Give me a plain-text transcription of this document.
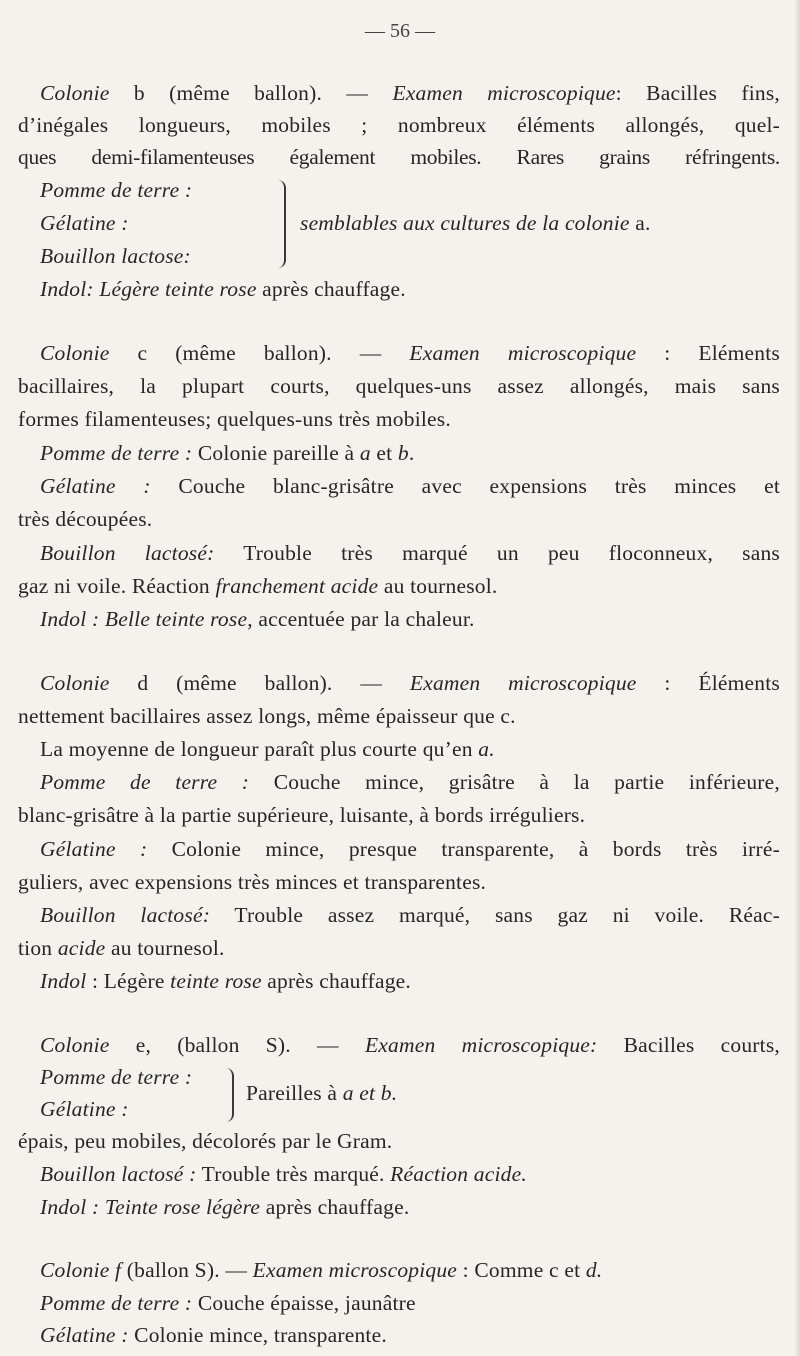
— 56 —
Colonie b (même ballon). — Examen microscopique: Bacilles fins,
d’inégales longueurs, mobiles ; nombreux éléments allongés, quel-
ques demi-filamenteuses également mobiles. Rares grains réfringents.
Pomme de terre :
Gélatine :
Bouillon lactose:
semblables aux cultures de la colonie a.
Indol: Légère teinte rose après chauffage.
Colonie c (même ballon). — Examen microscopique : Eléments
bacillaires, la plupart courts, quelques-uns assez allongés, mais sans
formes filamenteuses; quelques-uns très mobiles.
Pomme de terre : Colonie pareille à a et b.
Gélatine : Couche blanc-grisâtre avec expensions très minces et
très découpées.
Bouillon lactosé: Trouble très marqué un peu floconneux, sans
gaz ni voile. Réaction franchement acide au tournesol.
Indol : Belle teinte rose, accentuée par la chaleur.
Colonie d (même ballon). — Examen microscopique : Éléments
nettement bacillaires assez longs, même épaisseur que c.
La moyenne de longueur paraît plus courte qu’en a.
Pomme de terre : Couche mince, grisâtre à la partie inférieure,
blanc-grisâtre à la partie supérieure, luisante, à bords irréguliers.
Gélatine : Colonie mince, presque transparente, à bords très irré-
guliers, avec expensions très minces et transparentes.
Bouillon lactosé: Trouble assez marqué, sans gaz ni voile. Réac-
tion acide au tournesol.
Indol : Légère teinte rose après chauffage.
Colonie e, (ballon S). — Examen microscopique: Bacilles courts,
Pomme de terre :
Gélatine :
Pareilles à a et b.
épais, peu mobiles, décolorés par le Gram.
Bouillon lactosé : Trouble très marqué. Réaction acide.
Indol : Teinte rose légère après chauffage.
Colonie f (ballon S). — Examen microscopique : Comme c et d.
Pomme de terre : Couche épaisse, jaunâtre
Gélatine : Colonie mince, transparente.
